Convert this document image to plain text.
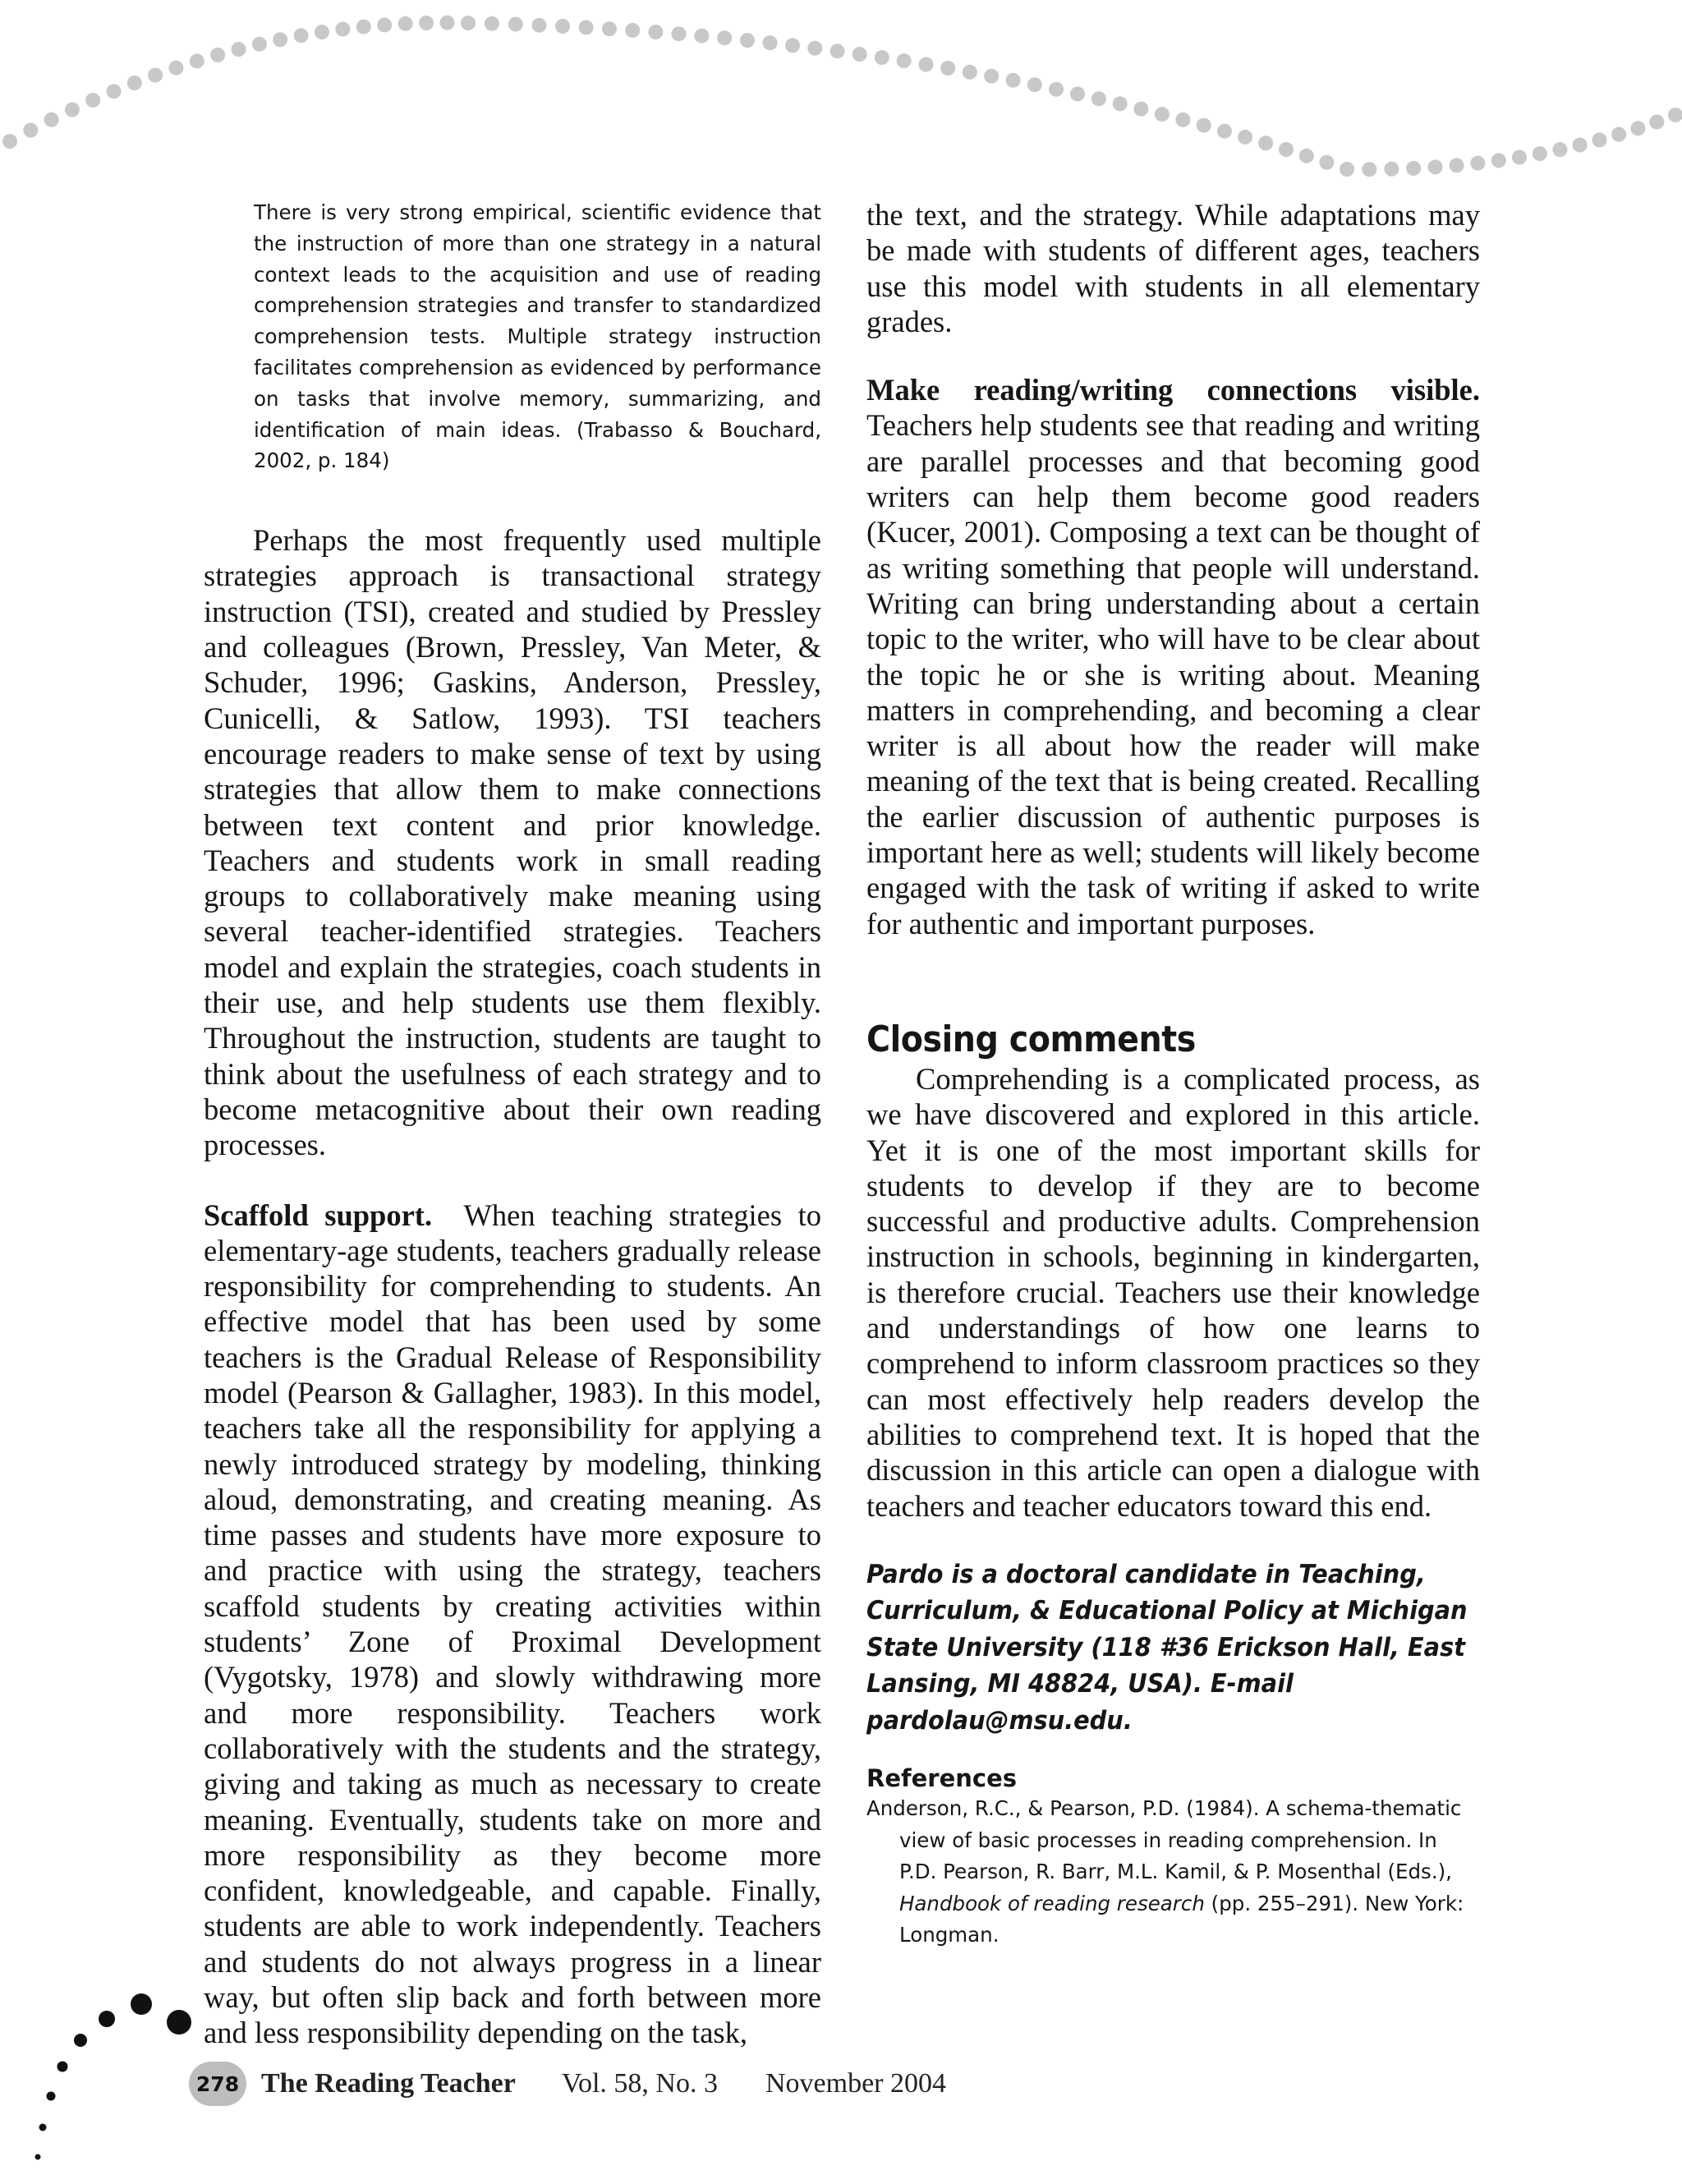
There is very strong empirical, scientific evidence that the instruction of more than one strategy in a natural context leads to the acquisition and use of reading comprehension strategies and transfer to standardized comprehension tests. Multiple strategy instruction facilitates comprehension as evidenced by performance on tasks that involve memory, summarizing, and identification of main ideas. (Trabasso & Bouchard, 2002, p. 184)

Perhaps the most frequently used multiple strategies approach is transactional strategy instruction (TSI), created and studied by Pressley and colleagues (Brown, Pressley, Van Meter, & Schuder, 1996; Gaskins, Anderson, Pressley, Cunicelli, & Satlow, 1993). TSI teachers encourage readers to make sense of text by using strategies that allow them to make connections between text content and prior knowledge. Teachers and students work in small reading groups to collaboratively make meaning using several teacher-identified strategies. Teachers model and explain the strategies, coach students in their use, and help students use them flexibly. Throughout the instruction, students are taught to think about the usefulness of each strategy and to become metacognitive about their own reading processes.

Scaffold support. When teaching strategies to elementary-age students, teachers gradually release responsibility for comprehending to students. An effective model that has been used by some teachers is the Gradual Release of Responsibility model (Pearson & Gallagher, 1983). In this model, teachers take all the responsibility for applying a newly introduced strategy by modeling, thinking aloud, demonstrating, and creating meaning. As time passes and students have more exposure to and practice with using the strategy, teachers scaffold students by creating activities within students’ Zone of Proximal Development (Vygotsky, 1978) and slowly withdrawing more and more responsibility. Teachers work collaboratively with the students and the strategy, giving and taking as much as necessary to create meaning. Eventually, students take on more and more responsibility as they become more confident, knowledgeable, and capable. Finally, students are able to work independently. Teachers and students do not always progress in a linear way, but often slip back and forth between more and less responsibility depending on the task,

the text, and the strategy. While adaptations may be made with students of different ages, teachers use this model with students in all elementary grades.

Make reading/writing connections visible. Teachers help students see that reading and writing are parallel processes and that becoming good writers can help them become good readers (Kucer, 2001). Composing a text can be thought of as writing something that people will understand. Writing can bring understanding about a certain topic to the writer, who will have to be clear about the topic he or she is writing about. Meaning matters in comprehending, and becoming a clear writer is all about how the reader will make meaning of the text that is being created. Recalling the earlier discussion of authentic purposes is important here as well; students will likely become engaged with the task of writing if asked to write for authentic and important purposes.

Closing comments

Comprehending is a complicated process, as we have discovered and explored in this article. Yet it is one of the most important skills for students to develop if they are to become successful and productive adults. Comprehension instruction in schools, beginning in kindergarten, is therefore crucial. Teachers use their knowledge and understandings of how one learns to comprehend to inform classroom practices so they can most effectively help readers develop the abilities to comprehend text. It is hoped that the discussion in this article can open a dialogue with teachers and teacher educators toward this end.

Pardo is a doctoral candidate in Teaching,
Curriculum, & Educational Policy at Michigan
State University (118 #36 Erickson Hall, East
Lansing, MI 48824, USA). E-mail
pardolau@msu.edu.
References

Anderson, R.C., & Pearson, P.D. (1984). A schema-thematic view of basic processes in reading comprehension. In P.D. Pearson, R. Barr, M.L. Kamil, & P. Mosenthal (Eds.), Handbook of reading research (pp. 255–291). New York: Longman.

278 The Reading Teacher Vol. 58, No. 3 November 2004
